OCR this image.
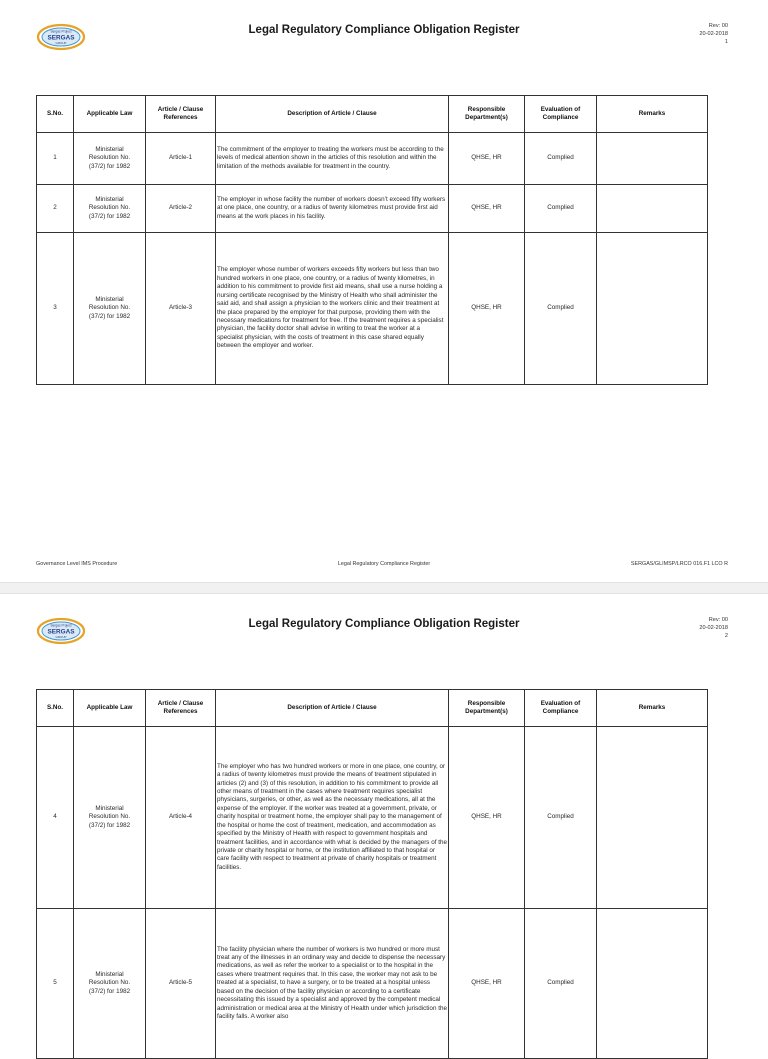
Sergas Project
SERGAS
GROUP
Legal Regulatory Compliance Obligation Register	Rev: 00
20-02-2018
1
S.No.	Applicable Law	Article / Clause References	Description of Article / Clause	Responsible Department(s)	Evaluation of Compliance	Remarks
1	Ministerial Resolution No. (37/2) for 1982	Article-1	The commitment of the employer to treating the workers must be according to the levels of medical attention shown in the articles of this resolution and within the limitation of the methods available for treatment in the country.	QHSE, HR	Complied	
2	Ministerial Resolution No. (37/2) for 1982	Article-2	The employer in whose facility the number of workers doesn’t exceed fifty workers at one place, one country, or a radius of twenty kilometres must provide first aid means at the work places in his facility.	QHSE, HR	Complied	
3	Ministerial Resolution No. (37/2) for 1982	Article-3	The employer whose number of workers exceeds fifty workers but less than two hundred workers in one place, one country, or a radius of twenty kilometres, in addition to his commitment to provide first aid means, shall use a nurse holding a nursing certificate recognised by the Ministry of Health who shall administer the said aid, and shall assign a physician to the workers clinic and their treatment at the place prepared by the employer for that purpose, providing them with the necessary medications for treatment for free. If the treatment requires a specialist physician, the facility doctor shall advise in writing to treat the worker at a specialist physician, with the costs of treatment in this case shared equally between the employer and worker.	QHSE, HR	Complied	
Governance Level IMS Procedure	Legal Regulatory Compliance Register	SERGAS/GLIMSP/LRCO 016.F1 LCO R
Sergas Project
SERGAS
GROUP
Legal Regulatory Compliance Obligation Register	Rev: 00
20-02-2018
2
S.No.	Applicable Law	Article / Clause References	Description of Article / Clause	Responsible Department(s)	Evaluation of Compliance	Remarks
4	Ministerial Resolution No. (37/2) for 1982	Article-4	The employer who has two hundred workers or more in one place, one country, or a radius of twenty kilometres must provide the means of treatment stipulated in articles (2) and (3) of this resolution, in addition to his commitment to provide all other means of treatment in the cases where treatment requires specialist physicians, surgeries, or other, as well as the necessary medications, all at the expense of the employer. If the worker was treated at a government, private, or charity hospital or treatment home, the employer shall pay to the management of the hospital or home the cost of treatment, medication, and accommodation as specified by the Ministry of Health with respect to government hospitals and treatment facilities, and in accordance with what is decided by the managers of the private or charity hospital or home, or the institution affiliated to that hospital or care facility with respect to treatment at private of charity hospitals or treatment facilities.	QHSE, HR	Complied	
5	Ministerial Resolution No. (37/2) for 1982	Article-5	The facility physician where the number of workers is two hundred or more must treat any of the illnesses in an ordinary way and decide to dispense the necessary medications, as well as refer the worker to a specialist or to the hospital in the cases where treatment requires that. In this case, the worker may not ask to be treated at a specialist, to have a surgery, or to be treated at a hospital unless based on the decision of the facility physician or according to a certificate necessitating this issued by a specialist and approved by the competent medical administration or medical area at the Ministry of Health under which jurisdiction the facility falls. A worker also	QHSE, HR	Complied	
